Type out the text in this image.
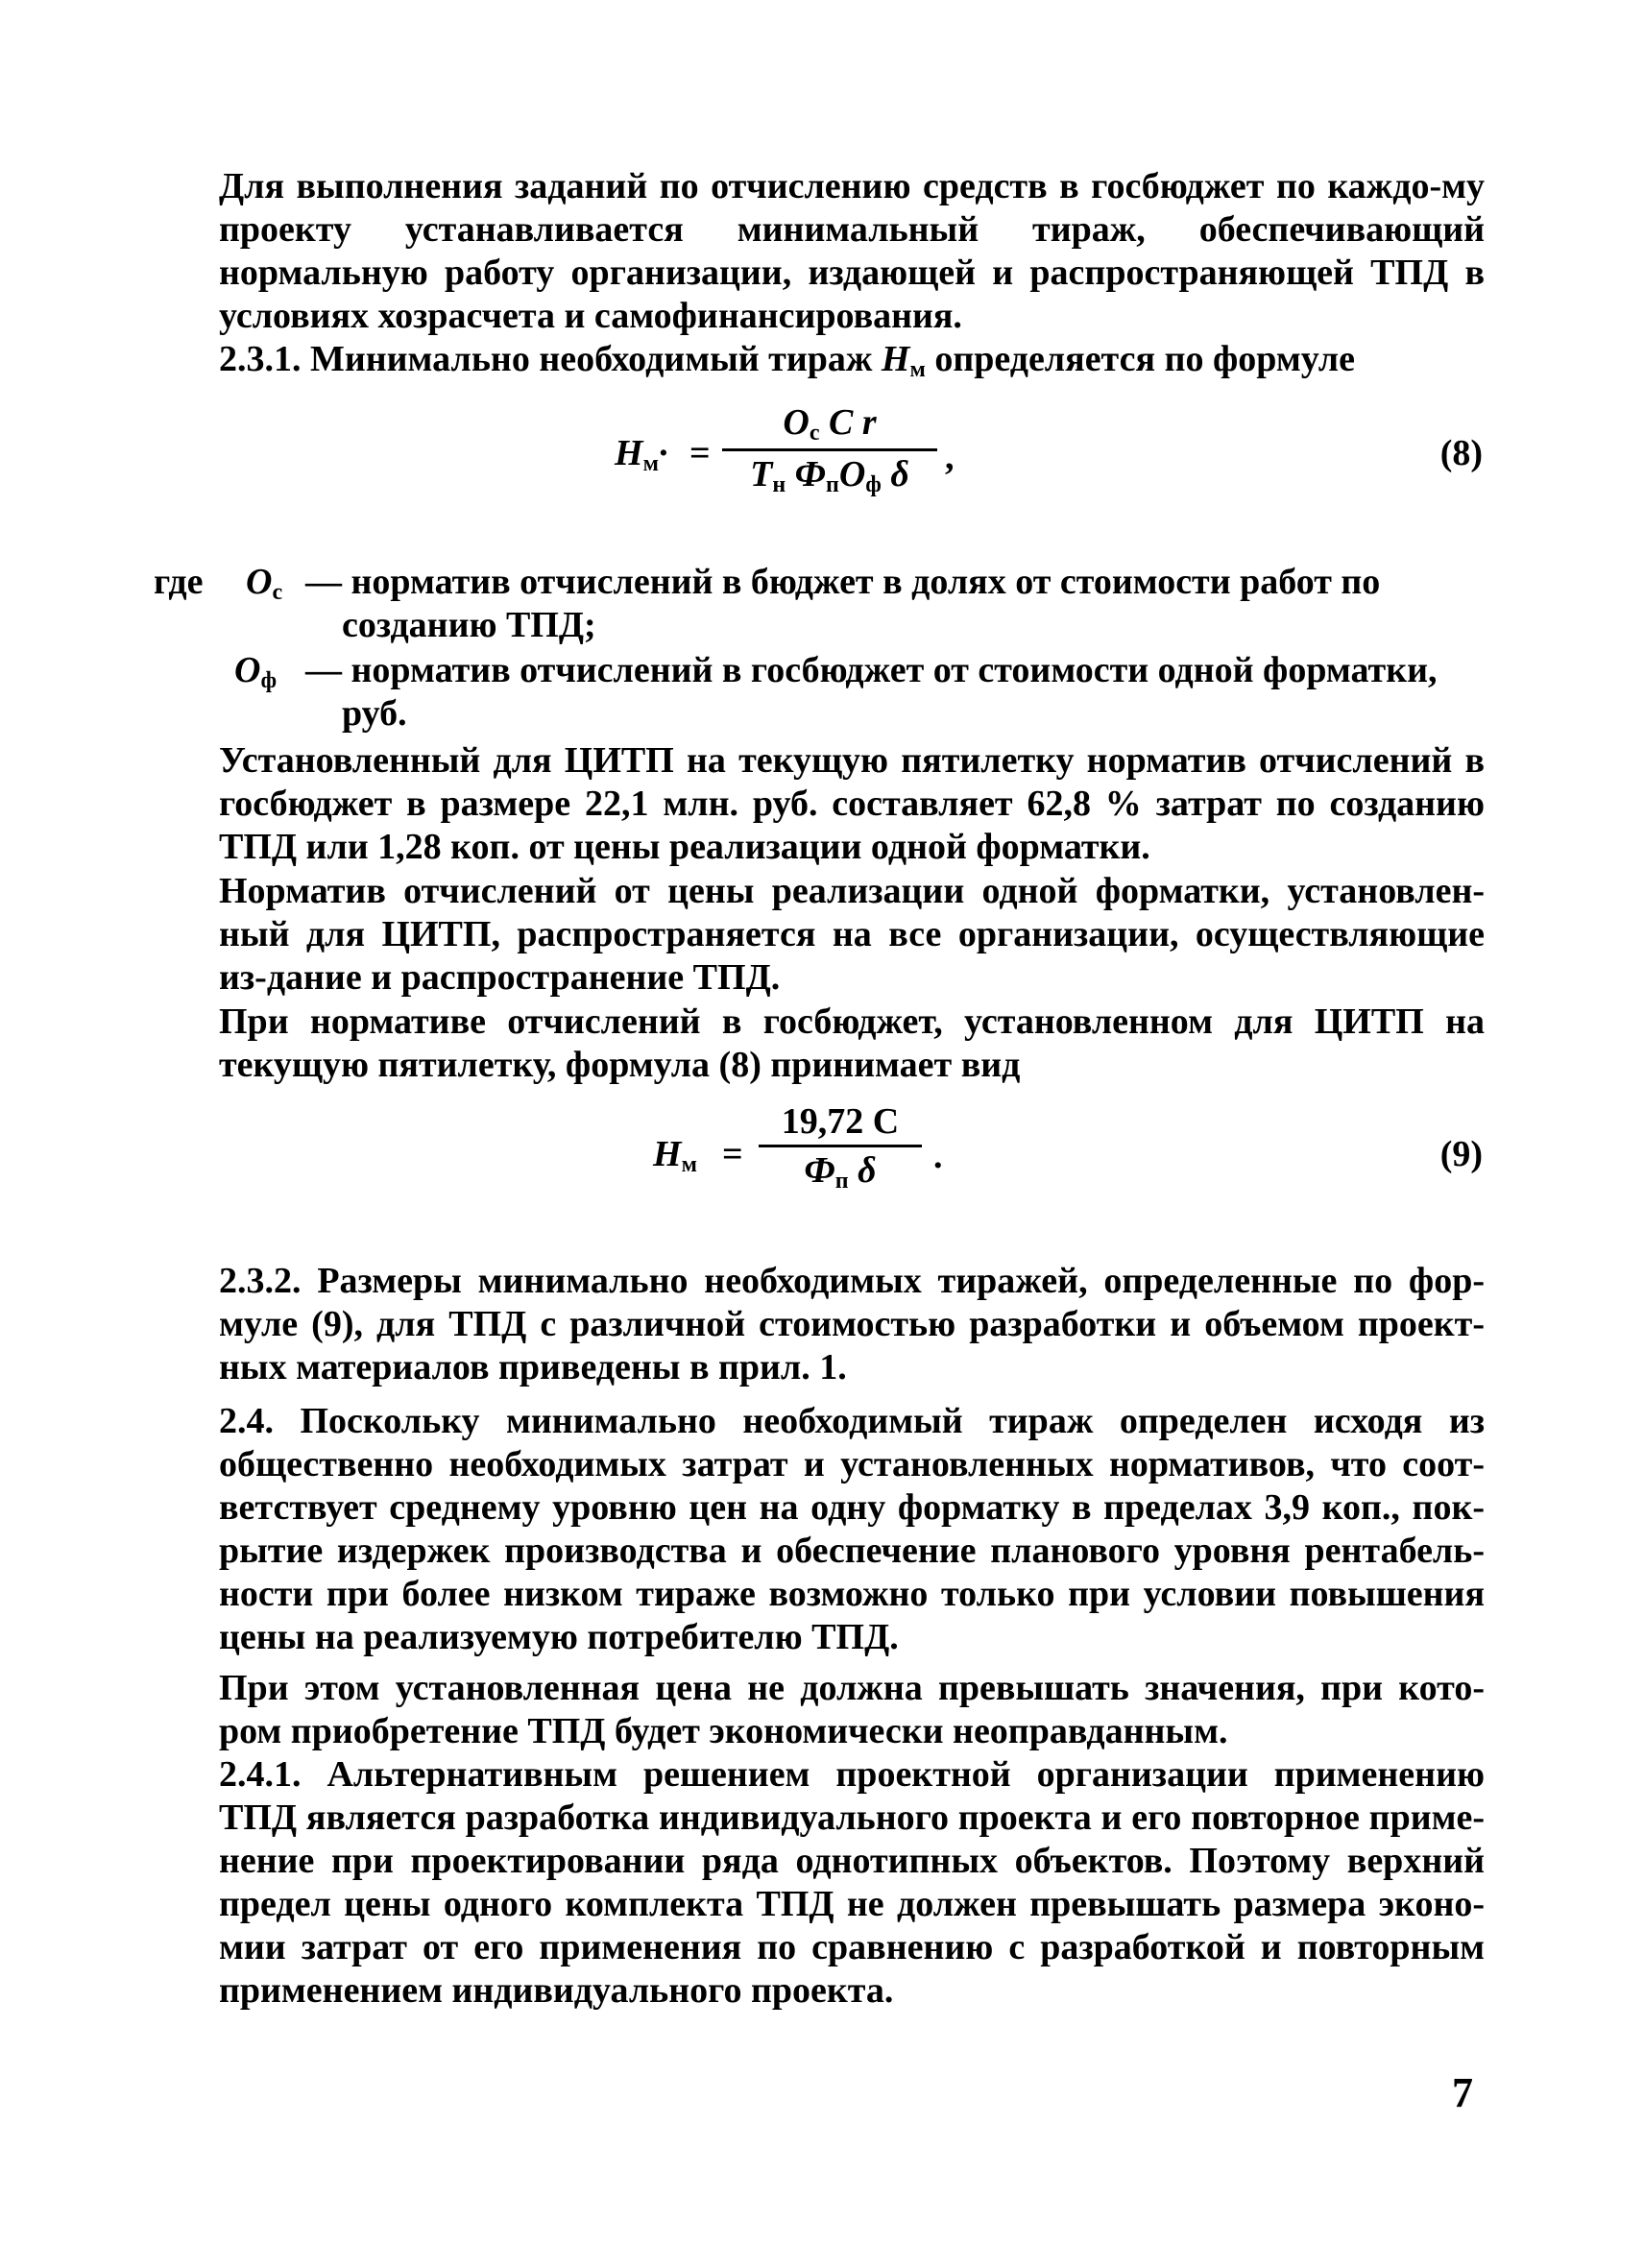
Для выполнения заданий по отчислению средств в госбюджет по каждо-му проекту устанавливается минимальный тираж, обеспечивающий нормальную работу организации, издающей и распространяющей ТПД в условиях хозрасчета и самофинансирования.

2.3.1. Минимально необходимый тираж $Н_м$ определяется по формуле

$Н_м\cdot$ =
$О_с$ С r
$Т_н$ $Ф_пО_ф$ δ ,	(8)
где $О_с$ — норматив отчислений в бюджет в долях от стоимости работ по
созданию ТПД;
$О_ф$ — норматив отчислений в госбюджет от стоимости одной форматки,
руб.

Установленный для ЦИТП на текущую пятилетку норматив отчислений в госбюджет в размере 22,1 млн. руб. составляет 62,8 % затрат по созданию ТПД или 1,28 коп. от цены реализации одной форматки.

Норматив отчислений от цены реализации одной форматки, установлен-ный для ЦИТП, распространяется на все организации, осуществляющие из-дание и распространение ТПД.

При нормативе отчислений в госбюджет, установленном для ЦИТП на текущую пятилетку, формула (8) принимает вид

$Н_м$ =
19,72 С
$Ф_п$ δ	.	(9)

2.3.2. Размеры минимально необходимых тиражей, определенные по фор-муле (9), для ТПД с различной стоимостью разработки и объемом проект-ных материалов приведены в прил. 1.

2.4. Поскольку минимально необходимый тираж определен исходя из общественно необходимых затрат и установленных нормативов, что соот-ветствует среднему уровню цен на одну форматку в пределах 3,9 коп., пок-рытие издержек производства и обеспечение планового уровня рентабель-ности при более низком тираже возможно только при условии повышения цены на реализуемую потребителю ТПД.

При этом установленная цена не должна превышать значения, при кото-ром приобретение ТПД будет экономически неоправданным.

2.4.1. Альтернативным решением проектной организации применению ТПД является разработка индивидуального проекта и его повторное приме-нение при проектировании ряда однотипных объектов. Поэтому верхний предел цены одного комплекта ТПД не должен превышать размера эконо-мии затрат от его применения по сравнению с разработкой и повторным применением индивидуального проекта.

7
